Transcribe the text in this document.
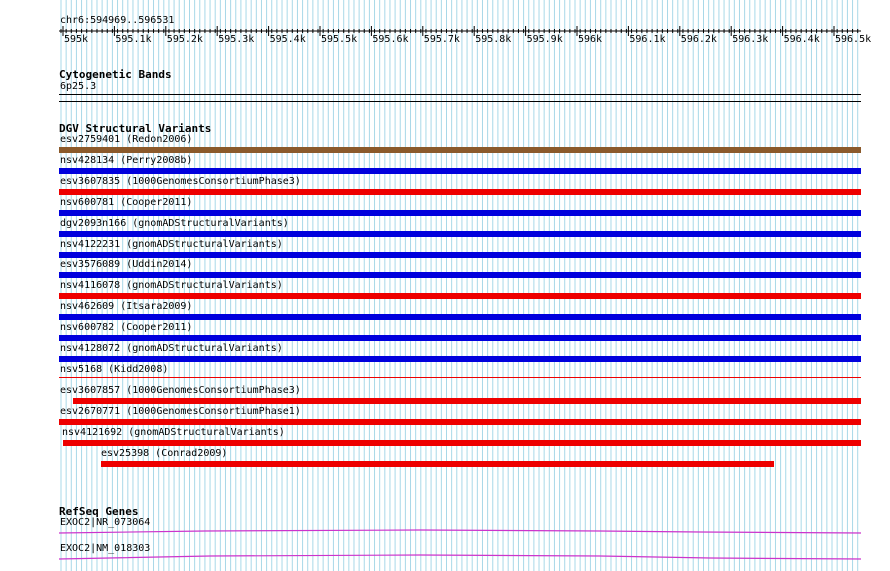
chr6:594969..596531
595k	595.1k 595.2k 595.3k 595.4k 595.5k 595.6k 595.7k 595.8k 595.9k 596k	596.1k 596.2k 596.3k 596.4k 596.5k
Cytogenetic Bands
6p25.3
DGV Structural Variants
esv2759401 (Redon2006)
nsv428134 (Perry2008b)
esv3607835 (1000GenomesConsortiumPhase3)
nsv600781 (Cooper2011)
dgv2093n166 (gnomADStructuralVariants)
nsv4122231 (gnomADStructuralVariants)
esv3576089 (Uddin2014)
nsv4116078 (gnomADStructuralVariants)
nsv462609 (Itsara2009)
nsv600782 (Cooper2011)
nsv4128072 (gnomADStructuralVariants)
nsv5168 (Kidd2008)
esv3607857 (1000GenomesConsortiumPhase3)
esv2670771 (1000GenomesConsortiumPhase1)
nsv4121692 (gnomADStructuralVariants)
esv25398 (Conrad2009)
RefSeq Genes
EXOC2|NR_073064
EXOC2|NM_018303
